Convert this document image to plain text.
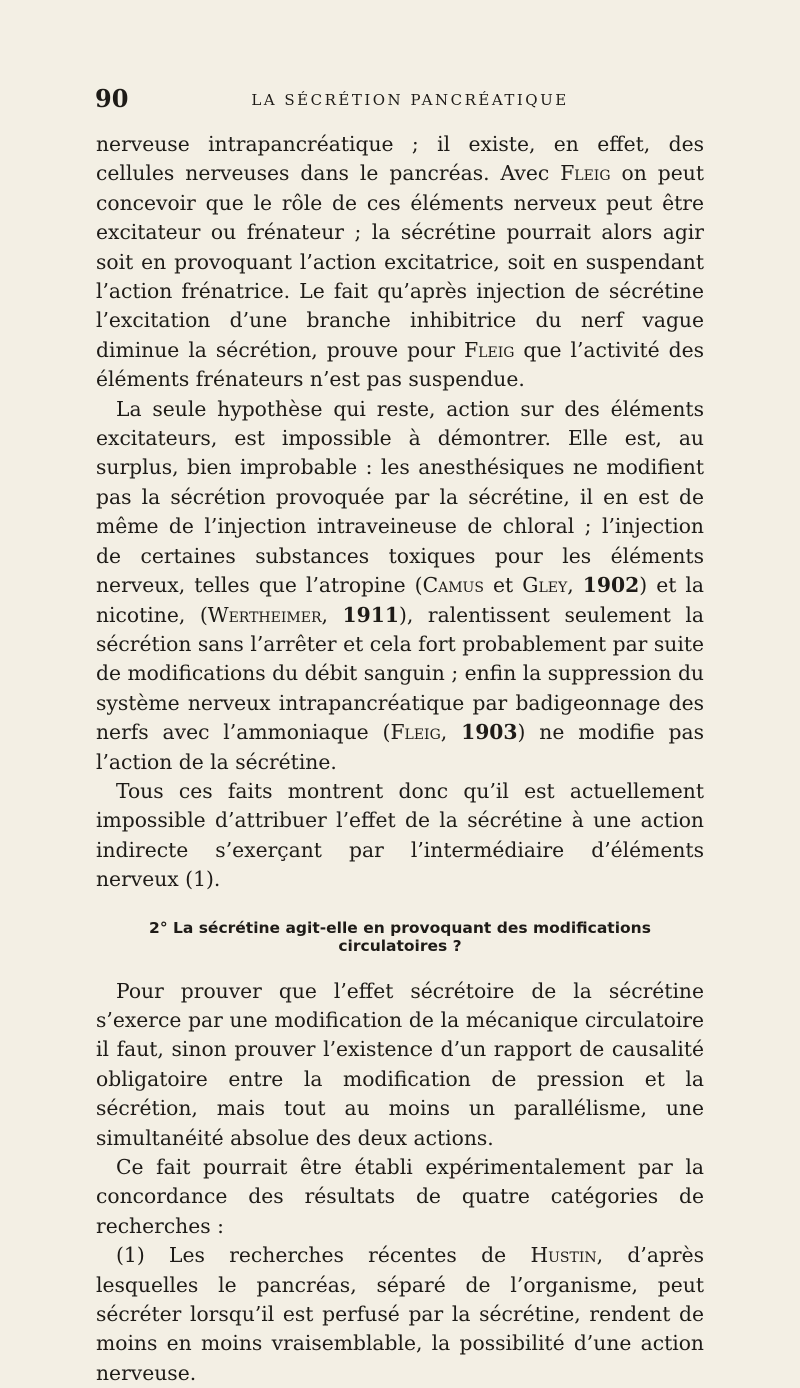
90	LA SÉCRÉTION PANCRÉATIQUE

nerveuse intrapancréatique ; il existe, en effet, des cellules nerveuses dans le pancréas. Avec Fleig on peut concevoir que le rôle de ces éléments nerveux peut être excitateur ou frénateur ; la sécrétine pourrait alors agir soit en provoquant l’action excitatrice, soit en suspendant l’action frénatrice. Le fait qu’après injection de sécrétine l’excitation d’une branche inhibitrice du nerf vague diminue la sécrétion, prouve pour Fleig que l’activité des éléments frénateurs n’est pas suspendue.

La seule hypothèse qui reste, action sur des éléments excitateurs, est impossible à démontrer. Elle est, au surplus, bien improbable : les anesthésiques ne modifient pas la sécrétion provoquée par la sécrétine, il en est de même de l’injection intraveineuse de chloral ; l’injection de certaines substances toxiques pour les éléments nerveux, telles que l’atropine (Camus et Gley, 1902) et la nicotine, (Wertheimer, 1911), ralentissent seulement la sécrétion sans l’arrêter et cela fort probablement par suite de modifications du débit sanguin ; enfin la suppression du système nerveux intrapancréatique par badigeonnage des nerfs avec l’ammoniaque (Fleig, 1903) ne modifie pas l’action de la sécrétine.

Tous ces faits montrent donc qu’il est actuellement impossible d’attribuer l’effet de la sécrétine à une action indirecte s’exerçant par l’intermédiaire d’éléments nerveux (1).

2° La sécrétine agit-elle en provoquant des modifications circulatoires ?

Pour prouver que l’effet sécrétoire de la sécrétine s’exerce par une modification de la mécanique circulatoire il faut, sinon prouver l’existence d’un rapport de causalité obligatoire entre la modification de pression et la sécrétion, mais tout au moins un parallélisme, une simultanéité absolue des deux actions.

Ce fait pourrait être établi expérimentalement par la concordance des résultats de quatre catégories de recherches :

(1) Les recherches récentes de Hustin, d’après lesquelles le pancréas, séparé de l’organisme, peut sécréter lorsqu’il est perfusé par la sécrétine, rendent de moins en moins vraisemblable, la possibilité d’une action nerveuse.
